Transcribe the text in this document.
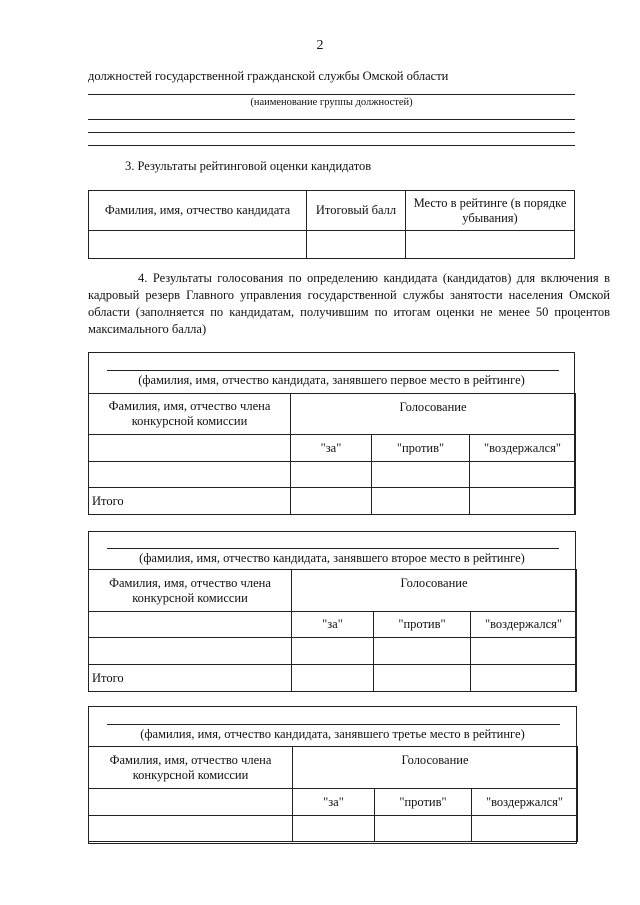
2
должностей государственной гражданской службы Омской области
(наименование группы должностей)
3. Результаты рейтинговой оценки кандидатов
Фамилия, имя, отчество кандидата	Итоговый балл	Место в рейтинге (в порядке убывания)

4. Результаты голосования по определению кандидата (кандидатов) для включения в кадровый резерв Главного управления государственной службы занятости населения Омской области (заполняется по кандидатам, получившим по итогам оценки не менее 50 процентов максимального балла)
(фамилия, имя, отчество кандидата, занявшего первое место в рейтинге)
Фамилия, имя, отчество члена конкурсной комиссии	Голосование		
	"за"	"против"	"воздержался"

Итого			
(фамилия, имя, отчество кандидата, занявшего второе место в рейтинге)
Фамилия, имя, отчество члена конкурсной комиссии	Голосование		
	"за"	"против"	"воздержался"

Итого			
(фамилия, имя, отчество кандидата, занявшего третье место в рейтинге)
Фамилия, имя, отчество члена конкурсной комиссии	Голосование		
	"за"	"против"	"воздержался"
